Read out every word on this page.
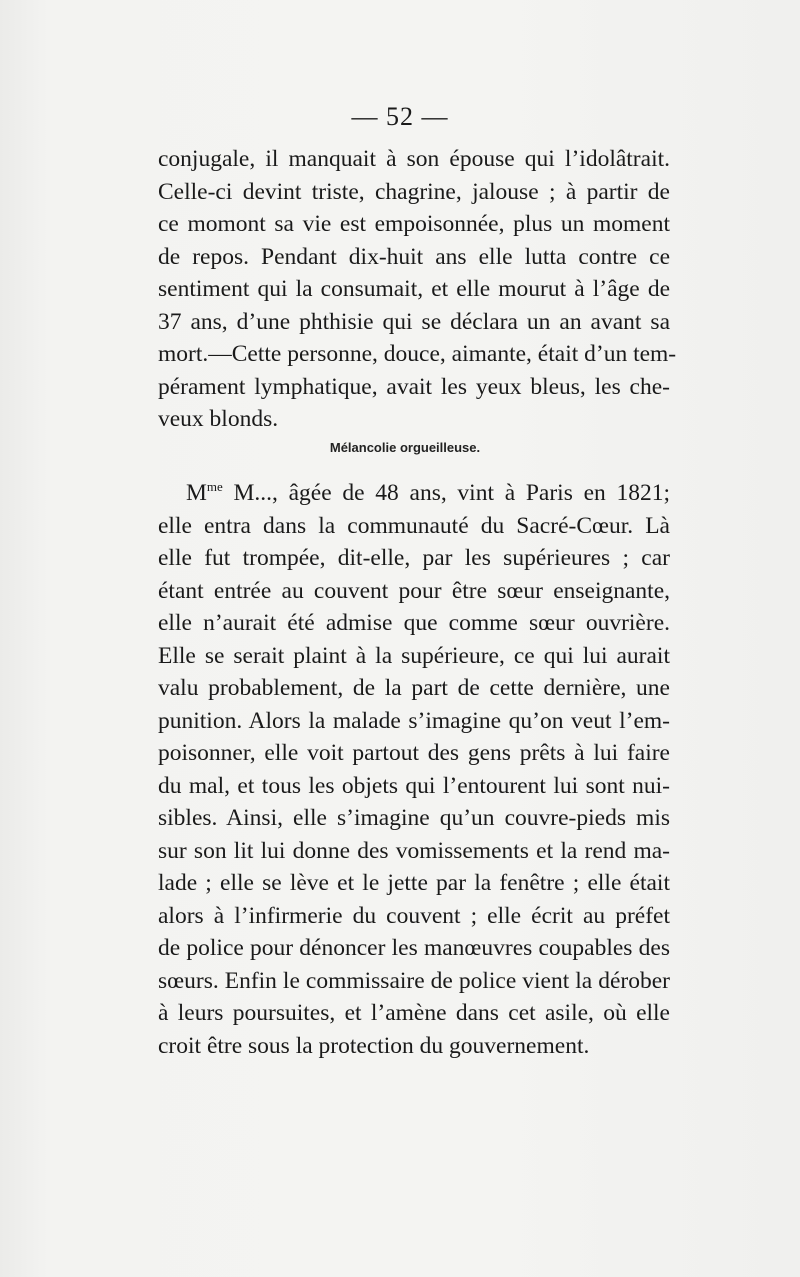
— 52 —
conjugale, il manquait à son épouse qui l’idolâtrait.
Celle-ci devint triste, chagrine, jalouse ; à partir de
ce momont sa vie est empoisonnée, plus un moment
de repos. Pendant dix-huit ans elle lutta contre ce
sentiment qui la consumait, et elle mourut à l’âge de
37 ans, d’une phthisie qui se déclara un an avant sa
mort.—Cette personne, douce, aimante, était d’un tem-
pérament lymphatique, avait les yeux bleus, les che-
veux blonds.
Mélancolie orgueilleuse.
$M^{me}$ M..., âgée de 48 ans, vint à Paris en 1821;
elle entra dans la communauté du Sacré-Cœur. Là
elle fut trompée, dit-elle, par les supérieures ; car
étant entrée au couvent pour être sœur enseignante,
elle n’aurait été admise que comme sœur ouvrière.
Elle se serait plaint à la supérieure, ce qui lui aurait
valu probablement, de la part de cette dernière, une
punition. Alors la malade s’imagine qu’on veut l’em-
poisonner, elle voit partout des gens prêts à lui faire
du mal, et tous les objets qui l’entourent lui sont nui-
sibles. Ainsi, elle s’imagine qu’un couvre-pieds mis
sur son lit lui donne des vomissements et la rend ma-
lade ; elle se lève et le jette par la fenêtre ; elle était
alors à l’infirmerie du couvent ; elle écrit au préfet
de police pour dénoncer les manœuvres coupables des
sœurs. Enfin le commissaire de police vient la dérober
à leurs poursuites, et l’amène dans cet asile, où elle
croit être sous la protection du gouvernement.
